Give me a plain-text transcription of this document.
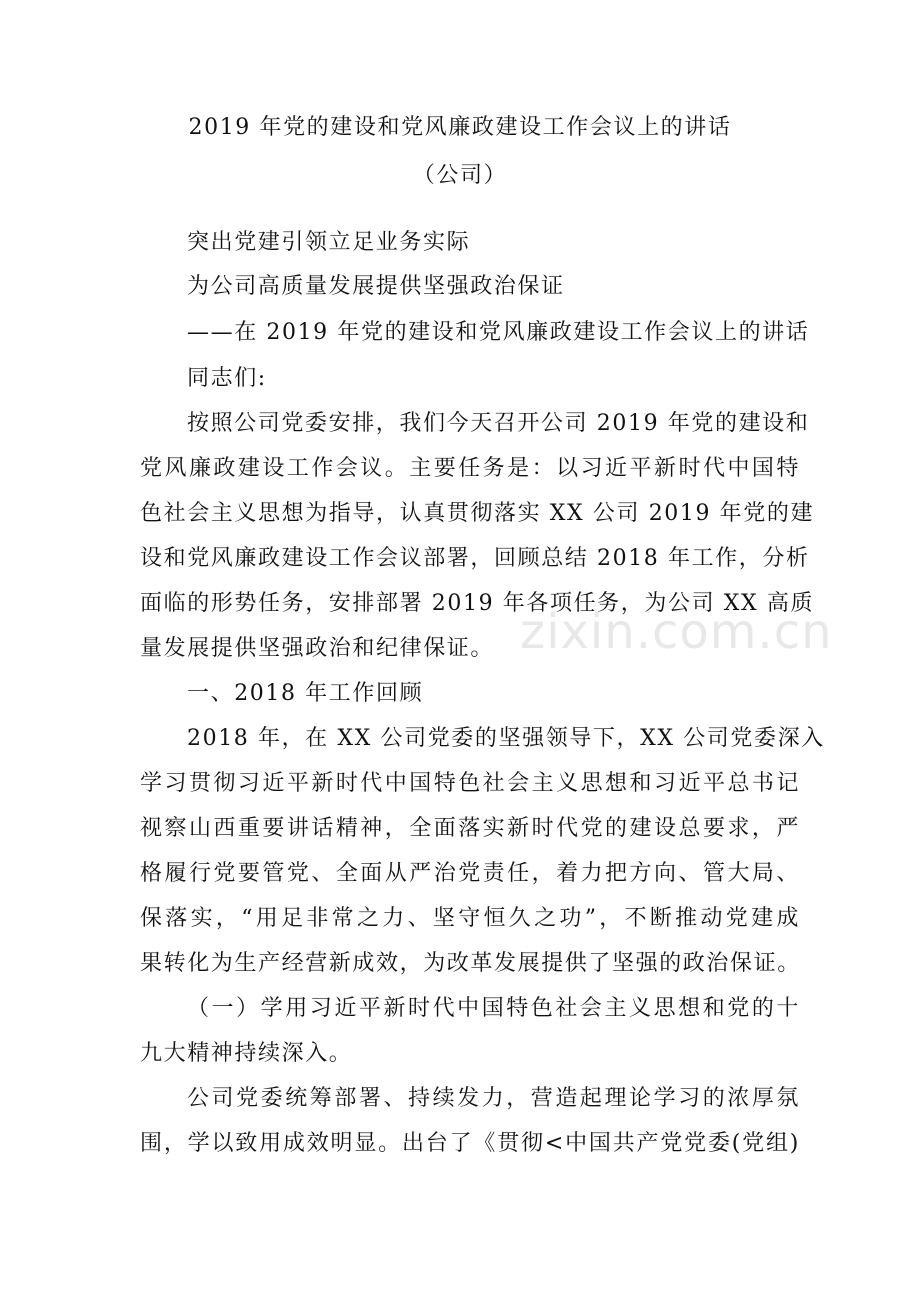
2019 年党的建设和党风廉政建设工作会议上的讲话
（公司）
突出党建引领立足业务实际
为公司高质量发展提供坚强政治保证
——在 2019 年党的建设和党风廉政建设工作会议上的讲话
同志们:
按照公司党委安排，我们今天召开公司 2019 年党的建设和
党风廉政建设工作会议。主要任务是：以习近平新时代中国特
色社会主义思想为指导，认真贯彻落实 XX 公司 2019 年党的建
设和党风廉政建设工作会议部署，回顾总结 2018 年工作，分析
面临的形势任务，安排部署 2019 年各项任务，为公司 XX 高质
量发展提供坚强政治和纪律保证。
一、2018 年工作回顾
2018 年，在 XX 公司党委的坚强领导下，XX 公司党委深入
学习贯彻习近平新时代中国特色社会主义思想和习近平总书记
视察山西重要讲话精神，全面落实新时代党的建设总要求，严
格履行党要管党、全面从严治党责任，着力把方向、管大局、
保落实，“用足非常之力、坚守恒久之功”，不断推动党建成
果转化为生产经营新成效，为改革发展提供了坚强的政治保证。
（一）学用习近平新时代中国特色社会主义思想和党的十
九大精神持续深入。
公司党委统筹部署、持续发力，营造起理论学习的浓厚氛
围，学以致用成效明显。出台了《贯彻<中国共产党党委(党组)
zixin.com.cn
